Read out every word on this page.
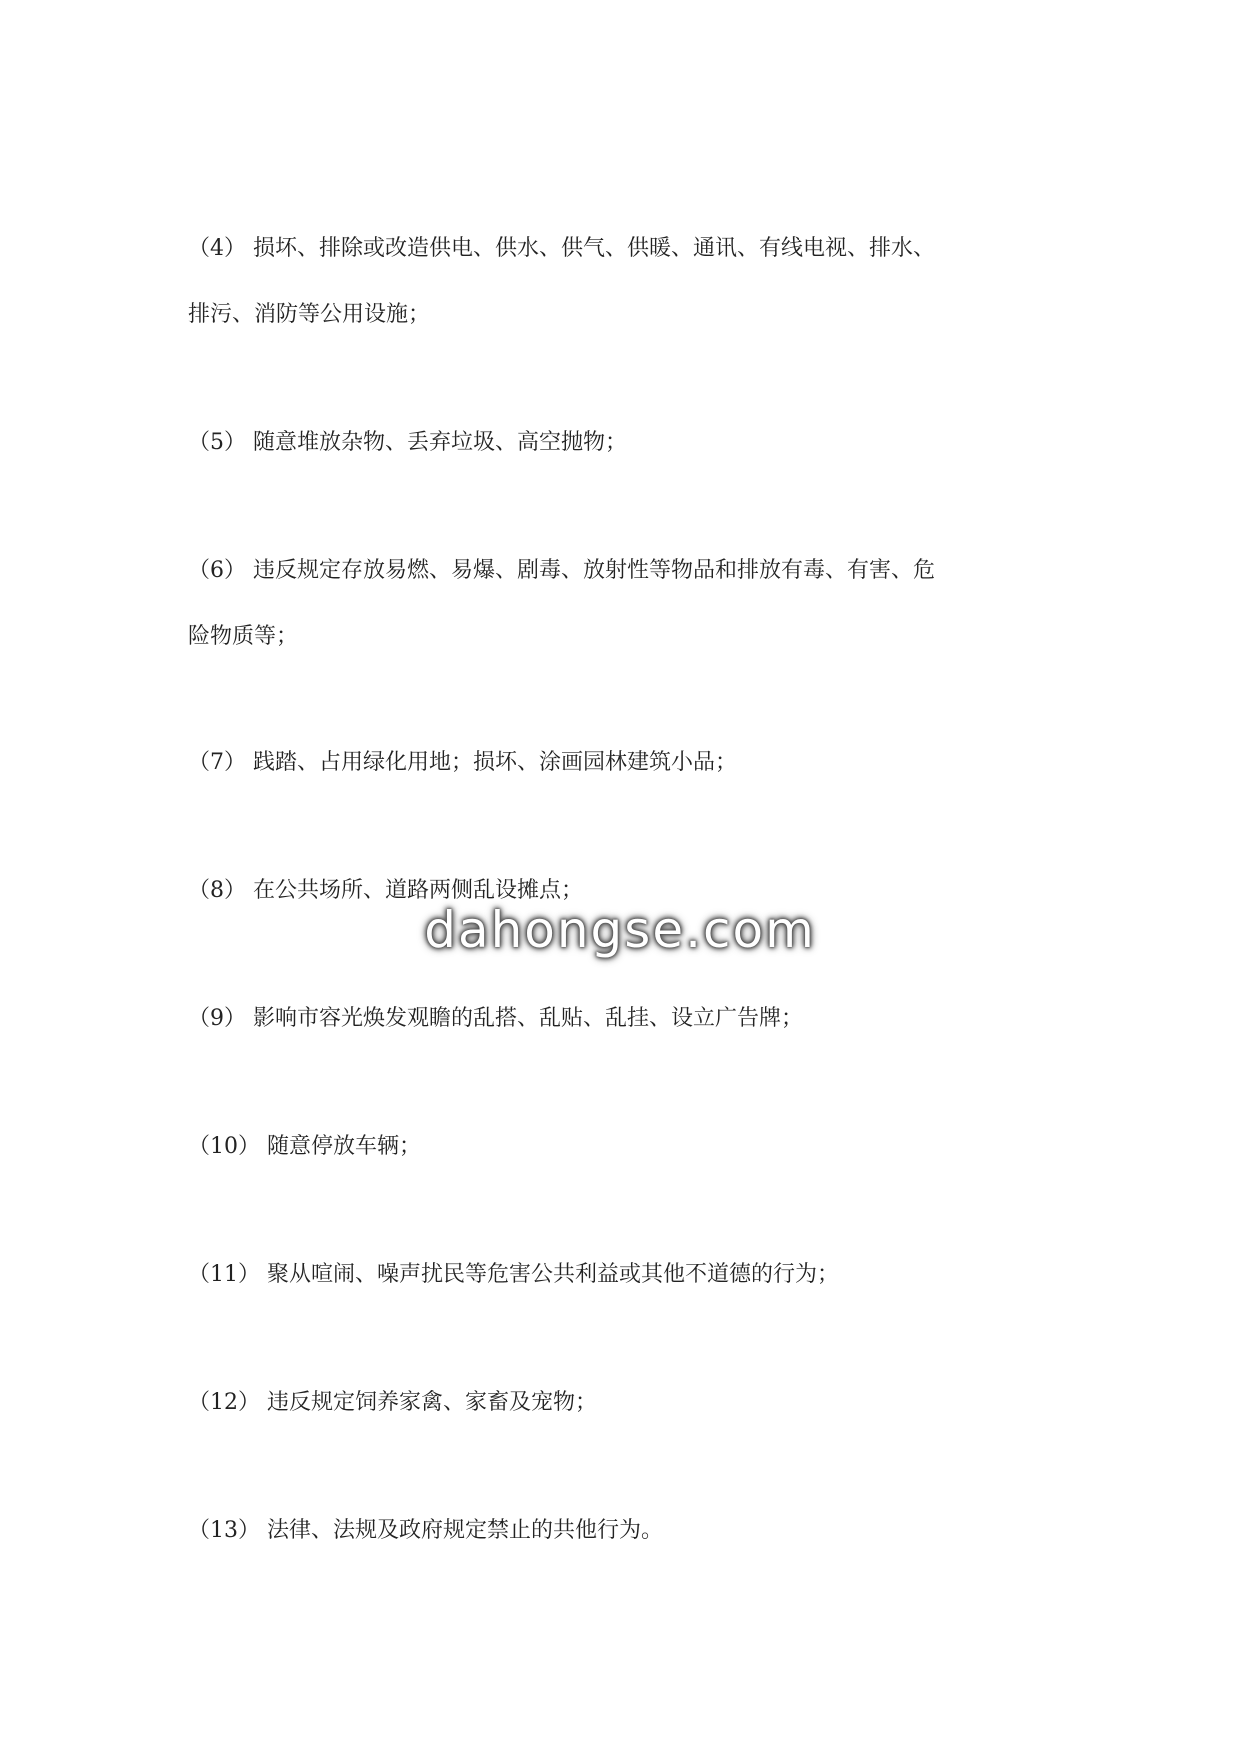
（4） 损坏、排除或改造供电、供水、供气、供暖、通讯、有线电视、排水、
排污、消防等公用设施；
（5） 随意堆放杂物、丢弃垃圾、高空抛物；
（6） 违反规定存放易燃、易爆、剧毒、放射性等物品和排放有毒、有害、危
险物质等；
（7） 践踏、占用绿化用地；损坏、涂画园林建筑小品；
（8） 在公共场所、道路两侧乱设摊点；
（9） 影响市容光焕发观瞻的乱搭、乱贴、乱挂、设立广告牌；
（10） 随意停放车辆；
（11） 聚从喧闹、噪声扰民等危害公共利益或其他不道德的行为；
（12） 违反规定饲养家禽、家畜及宠物；
（13） 法律、法规及政府规定禁止的共他行为。
dahongse.com
